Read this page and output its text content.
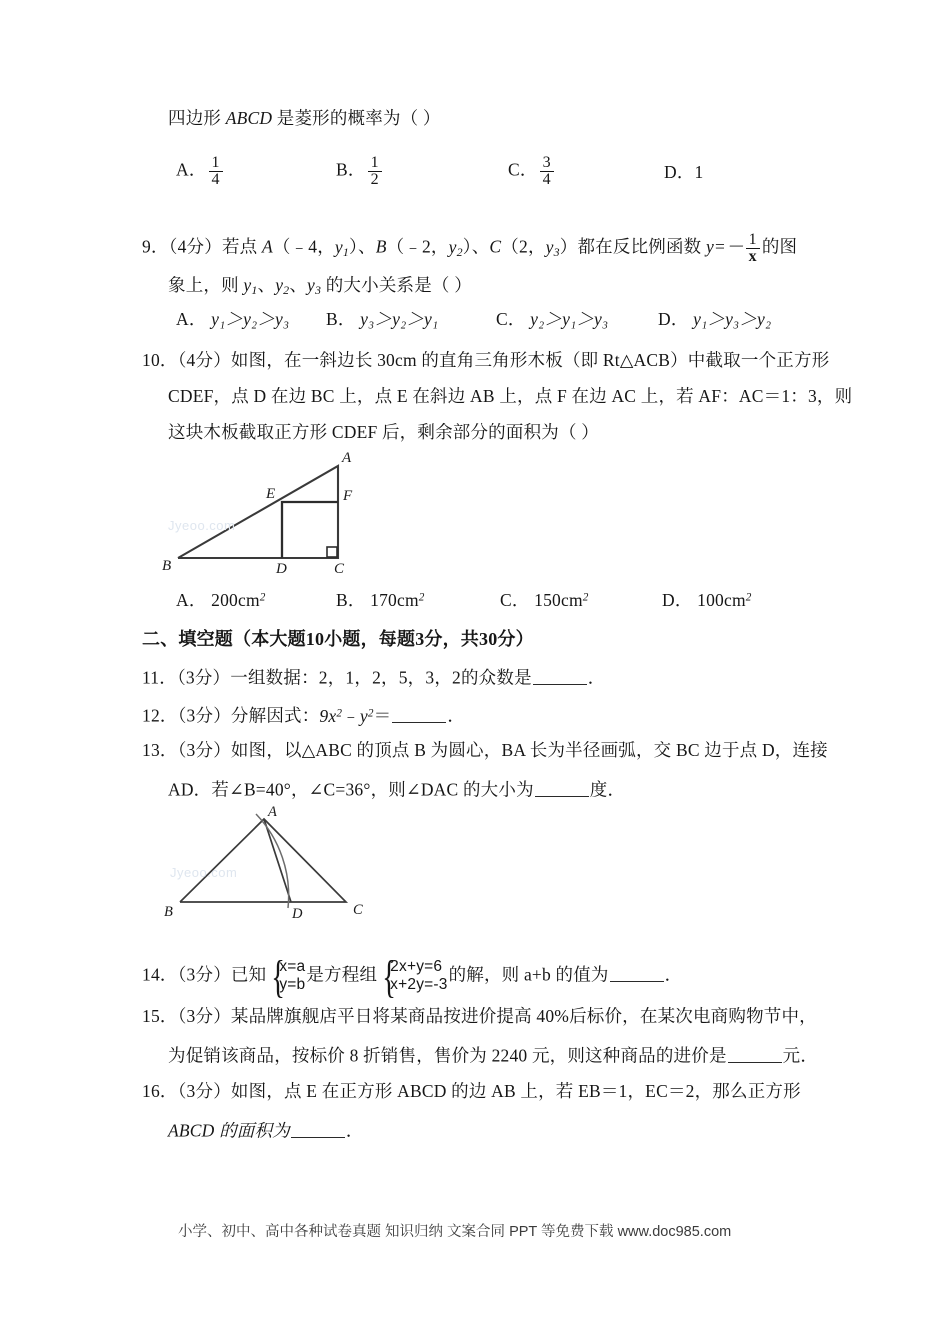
四边形 ABCD 是菱形的概率为（ ）
A． $\frac{1}{4}$	B． $\frac{1}{2}$	C． $\frac{3}{4}$	D．1
9．（4分）若点 A（﹣4，$y_1$）、B（﹣2，$y_2$）、C（2，$y_3$）都在反比例函数 $y=- \frac{1}{x}$ 的图
象上，则 $y_1$、$y_2$、$y_3$ 的大小关系是（ ）
A． y₁＞y₂＞y₃ B． y₃＞y₂＞y₁	C． y₂＞y₁＞y₃	D． y₁＞y₃＞y₂
10．（4分）如图，在一斜边长 30cm 的直角三角形木板（即 Rt△ACB）中截取一个正方形
CDEF，点 D 在边 BC 上，点 E 在斜边 AB 上，点 F 在边 AC 上，若 AF：AC＝1：3，则
这块木板截取正方形 CDEF 后，剩余部分的面积为（ ）
Jyeoo.com
A
B	C
D
E	F
A． $200cm^2$	B． $170cm^2$	C． $150cm^2$	D． $100cm^2$
二、填空题（本大题10小题，每题3分，共30分）
11．（3分）一组数据：2，1，2，5，3，2的众数是	．
12．（3分）分解因式：$9x^2﹣y^2=$	．
13．（3分）如图，以△ABC 的顶点 B 为圆心，BA 长为半径画弧，交 BC 边于点 D，连接
AD．若∠B=40°，∠C=36°，则∠DAC 的大小为	度．
Jyeoo.com
A
B	C
D
14．（3分）已知 {
x=a
y=b
是方程组 {
2x+y=6
x+2y=-3
的解，则 a+b 的值为	．
15．（3分）某品牌旗舰店平日将某商品按进价提高 40%后标价，在某次电商购物节中，
为促销该商品，按标价 8 折销售，售价为 2240 元，则这种商品的进价是	元．
16．（3分）如图，点 E 在正方形 ABCD 的边 AB 上，若 EB＝1，EC＝2，那么正方形
ABCD 的面积为	．
小学、初中、高中各种试卷真题 知识归纳 文案合同 PPT 等免费下载 www.doc985.com
